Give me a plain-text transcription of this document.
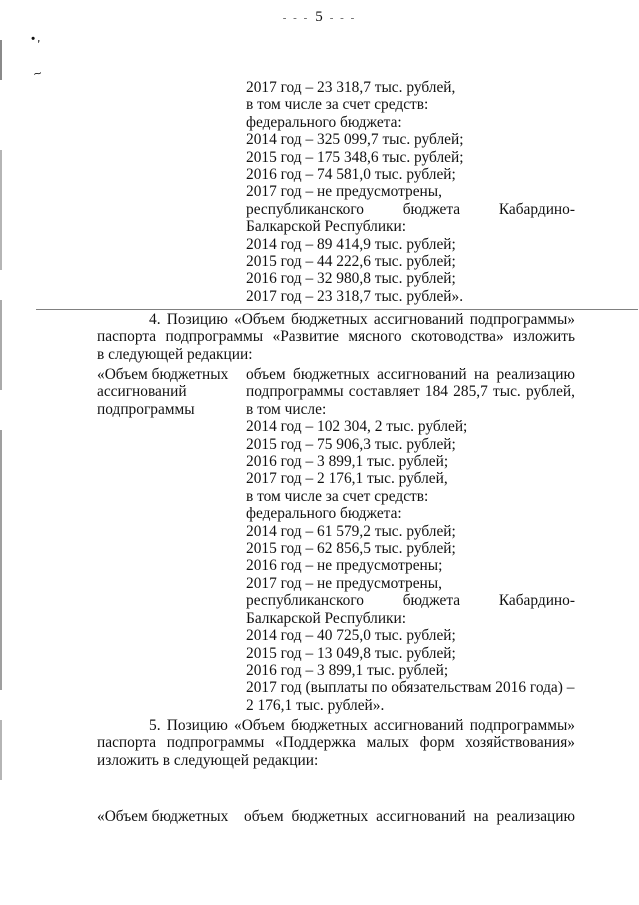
•,
~
- - - 5 - - -
2017 год – 23 318,7 тыс. рублей,
в том числе за счет средств:
федерального бюджета:
2014 год – 325 099,7 тыс. рублей;
2015 год – 175 348,6 тыс. рублей;
2016 год – 74 581,0 тыс. рублей;
2017 год – не предусмотрены,
республиканского бюджета Кабардино-
Балкарской Республики:
2014 год – 89 414,9 тыс. рублей;
2015 год – 44 222,6 тыс. рублей;
2016 год – 32 980,8 тыс. рублей;
2017 год – 23 318,7 тыс. рублей».
4. Позицию «Объем бюджетных ассигнований подпрограммы»
паспорта подпрограммы «Развитие мясного скотоводства» изложить
в следующей редакции:
«Объем бюджетных
ассигнований
подпрограммы
объем бюджетных ассигнований на реализацию
подпрограммы составляет 184 285,7 тыс. рублей,
в том числе:
2014 год – 102 304, 2 тыс. рублей;
2015 год – 75 906,3 тыс. рублей;
2016 год – 3 899,1 тыс. рублей;
2017 год – 2 176,1 тыс. рублей,
в том числе за счет средств:
федерального бюджета:
2014 год – 61 579,2 тыс. рублей;
2015 год – 62 856,5 тыс. рублей;
2016 год – не предусмотрены;
2017 год – не предусмотрены,
республиканского бюджета Кабардино-
Балкарской Республики:
2014 год – 40 725,0 тыс. рублей;
2015 год – 13 049,8 тыс. рублей;
2016 год – 3 899,1 тыс. рублей;
2017 год (выплаты по обязательствам 2016 года) –
2 176,1 тыс. рублей».
5. Позицию «Объем бюджетных ассигнований подпрограммы»
паспорта подпрограммы «Поддержка малых форм хозяйствования»
изложить в следующей редакции:
«Объем бюджетных объем бюджетных ассигнований на реализацию
